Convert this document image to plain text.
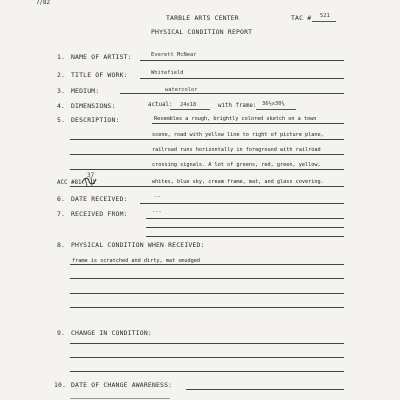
7/82
TARBLE ARTS CENTER	TAC # 521
PHYSICAL CONDITION REPORT
1. NAME OF ARTIST:	Everett McNear
2. TITLE OF WORK:	Whitefield
3. MEDIUM:	watercolor
4. DIMENSIONS:	actual: 24x18	with frame: 36½x30¼
5. DESCRIPTION:	Resembles a rough, brightly colored sketch on a town
scene, road with yellow line to right of picture plane,
railroad runs horizontally in foreground with railroad
crossing signals. A lot of greens, red, green, yellow,
whites, blue sky, cream frame, mat, and glass covering.
ACC #81.
37
1
6. DATE RECEIVED:	--
7. RECEIVED FROM:	---
8. PHYSICAL CONDITION WHEN RECEIVED:
frame is scratched and dirty, mat smudged
9. CHANGE IN CONDITION:
10. DATE OF CHANGE AWARENESS:
